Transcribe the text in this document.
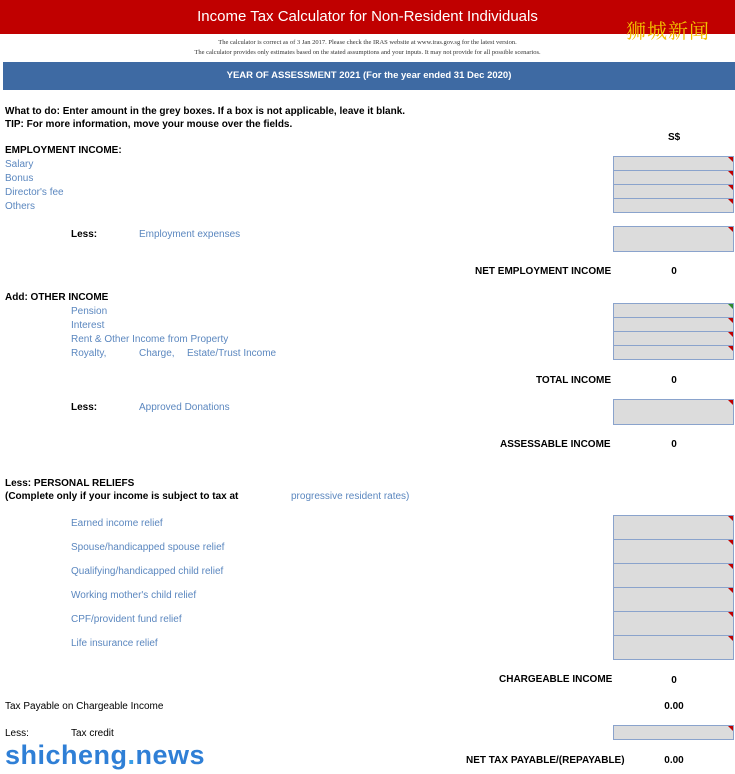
Income Tax Calculator for Non-Resident Individuals
狮城新闻
The calculator is correct as of 3 Jan 2017. Please check the IRAS website at www.iras.gov.sg for the latest version.
The calculator provides only estimates based on the stated assumptions and your inputs. It may not provide for all possible scenarios.
YEAR OF ASSESSMENT 2021 (For the year ended 31 Dec 2020)
What to do: Enter amount in the grey boxes. If a box is not applicable, leave it blank.
TIP: For more information, move your mouse over the fields.
S$
EMPLOYMENT INCOME:
Salary
Bonus
Director's fee
Others
Less:	Employment expenses
NET EMPLOYMENT INCOME	0
Add: OTHER INCOME
Pension
Interest
Rent & Other Income from Property
Royalty,	Charge, Estate/Trust Income
TOTAL INCOME	0
Less:	Approved Donations
ASSESSABLE INCOME	0
Less: PERSONAL RELIEFS
(Complete only if your income is subject to tax at	progressive resident rates)
Earned income relief
Spouse/handicapped spouse relief
Qualifying/handicapped child relief
Working mother's child relief
CPF/provident fund relief
Life insurance relief
CHARGEABLE INCOME	0
Tax Payable on Chargeable Income	0.00
Less:	Tax credit
NET TAX PAYABLE/(REPAYABLE)	0.00
shicheng.news
